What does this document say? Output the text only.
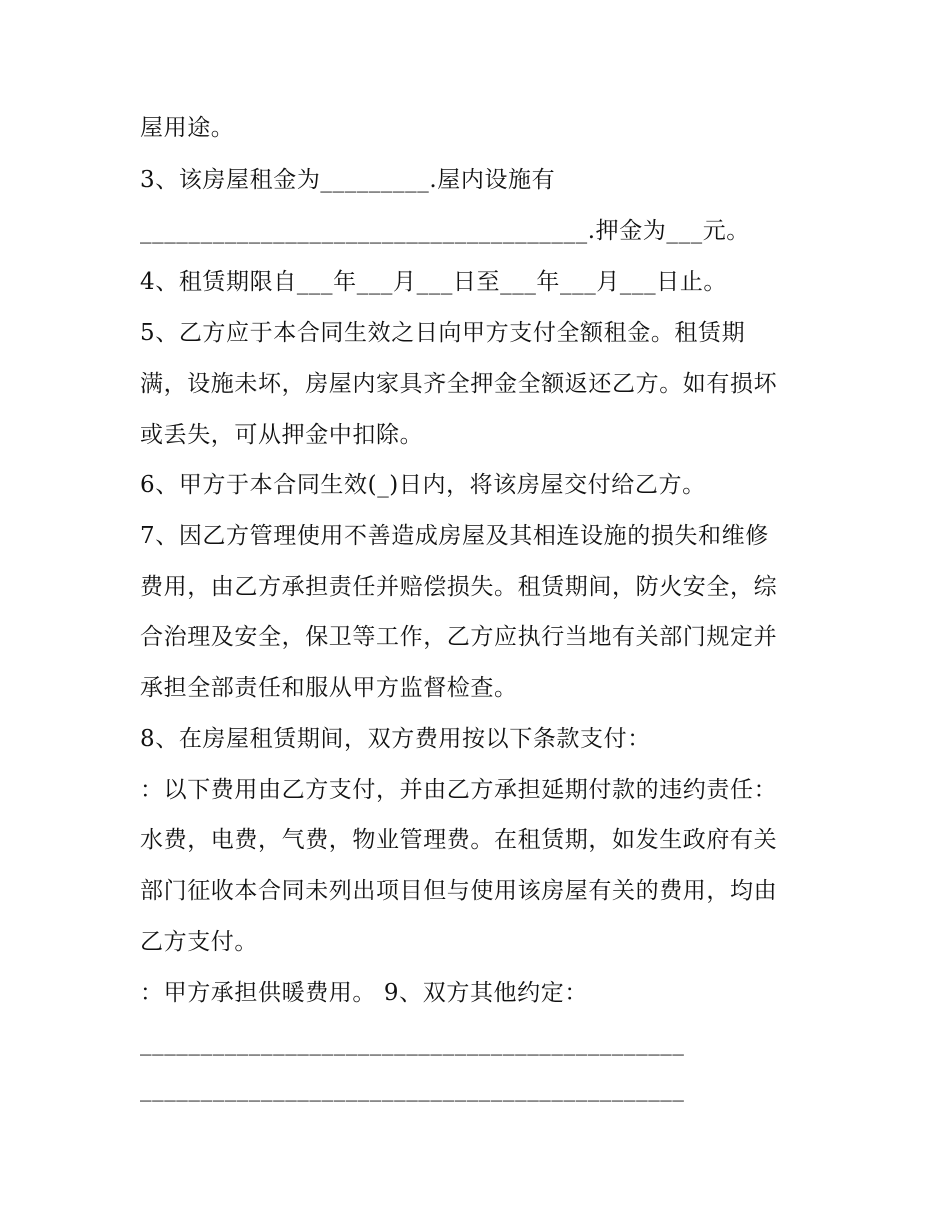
屋用途。
3、该房屋租金为_________.屋内设施有
_____________________________________.押金为___元。
4、租赁期限自___年___月___日至___年___月___日止。
5、乙方应于本合同生效之日向甲方支付全额租金。租赁期
满，设施未坏，房屋内家具齐全押金全额返还乙方。如有损坏
或丢失，可从押金中扣除。
6、甲方于本合同生效(_)日内，将该房屋交付给乙方。
7、因乙方管理使用不善造成房屋及其相连设施的损失和维修
费用，由乙方承担责任并赔偿损失。租赁期间，防火安全，综
合治理及安全，保卫等工作，乙方应执行当地有关部门规定并
承担全部责任和服从甲方监督检查。
8、在房屋租赁期间，双方费用按以下条款支付：
：以下费用由乙方支付，并由乙方承担延期付款的违约责任：
水费，电费，气费，物业管理费。在租赁期，如发生政府有关
部门征收本合同未列出项目但与使用该房屋有关的费用，均由
乙方支付。
：甲方承担供暖费用。 9、双方其他约定：
_____________________________________________
_____________________________________________
